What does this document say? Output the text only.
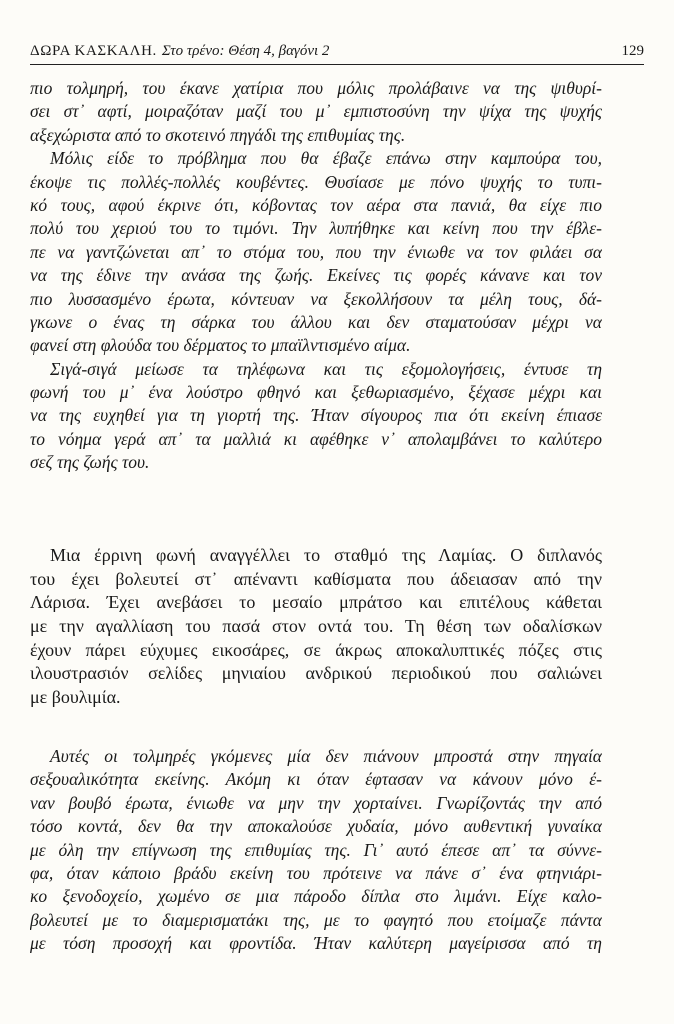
ΔΩΡΑ ΚΑΣΚΑΛΗ. Στο τρένο: Θέση 4, βαγόνι 2	129
πιο τολμηρή, του έκανε χατίρια που μόλις προλάβαινε να της ψιθυρί-
σει στ᾽ αφτί, μοιραζόταν μαζί του μ᾽ εμπιστοσύνη την ψίχα της ψυχής
αξεχώριστα από το σκοτεινό πηγάδι της επιθυμίας της.
Μόλις είδε το πρόβλημα που θα έβαζε επάνω στην καμπούρα του,
έκοψε τις πολλές-πολλές κουβέντες. Θυσίασε με πόνο ψυχής το τυπι-
κό τους, αφού έκρινε ότι, κόβοντας τον αέρα στα πανιά, θα είχε πιο
πολύ του χεριού του το τιμόνι. Την λυπήθηκε και κείνη που την έβλε-
πε να γαντζώνεται απ᾽ το στόμα του, που την ένιωθε να τον φιλάει σα
να της έδινε την ανάσα της ζωής. Εκείνες τις φορές κάνανε και τον
πιο λυσσασμένο έρωτα, κόντευαν να ξεκολλήσουν τα μέλη τους, δά-
γκωνε ο ένας τη σάρκα του άλλου και δεν σταματούσαν μέχρι να
φανεί στη φλούδα του δέρματος το μπαϊλντισμένο αίμα.
Σιγά-σιγά μείωσε τα τηλέφωνα και τις εξομολογήσεις, έντυσε τη
φωνή του μ᾽ ένα λούστρο φθηνό και ξεθωριασμένο, ξέχασε μέχρι και
να της ευχηθεί για τη γιορτή της. Ήταν σίγουρος πια ότι εκείνη έπιασε
το νόημα γερά απ᾽ τα μαλλιά κι αφέθηκε ν᾽ απολαμβάνει το καλύτερο
σεζ της ζωής του.
Μια έρρινη φωνή αναγγέλλει το σταθμό της Λαμίας. Ο διπλανός
του έχει βολευτεί στ᾽ απέναντι καθίσματα που άδειασαν από την
Λάρισα. Έχει ανεβάσει το μεσαίο μπράτσο και επιτέλους κάθεται
με την αγαλλίαση του πασά στον οντά του. Τη θέση των οδαλίσκων
έχουν πάρει εύχυμες εικοσάρες, σε άκρως αποκαλυπτικές πόζες στις
ιλουστρασιόν σελίδες μηνιαίου ανδρικού περιοδικού που σαλιώνει
με βουλιμία.
Αυτές οι τολμηρές γκόμενες μία δεν πιάνουν μπροστά στην πηγαία
σεξουαλικότητα εκείνης. Ακόμη κι όταν έφτασαν να κάνουν μόνο έ-
ναν βουβό έρωτα, ένιωθε να μην την χορταίνει. Γνωρίζοντάς την από
τόσο κοντά, δεν θα την αποκαλούσε χυδαία, μόνο αυθεντική γυναίκα
με όλη την επίγνωση της επιθυμίας της. Γι᾽ αυτό έπεσε απ᾽ τα σύννε-
φα, όταν κάποιο βράδυ εκείνη του πρότεινε να πάνε σ᾽ ένα φτηνιάρι-
κο ξενοδοχείο, χωμένο σε μια πάροδο δίπλα στο λιμάνι. Είχε καλο-
βολευτεί με το διαμερισματάκι της, με το φαγητό που ετοίμαζε πάντα
με τόση προσοχή και φροντίδα. Ήταν καλύτερη μαγείρισσα από τη
